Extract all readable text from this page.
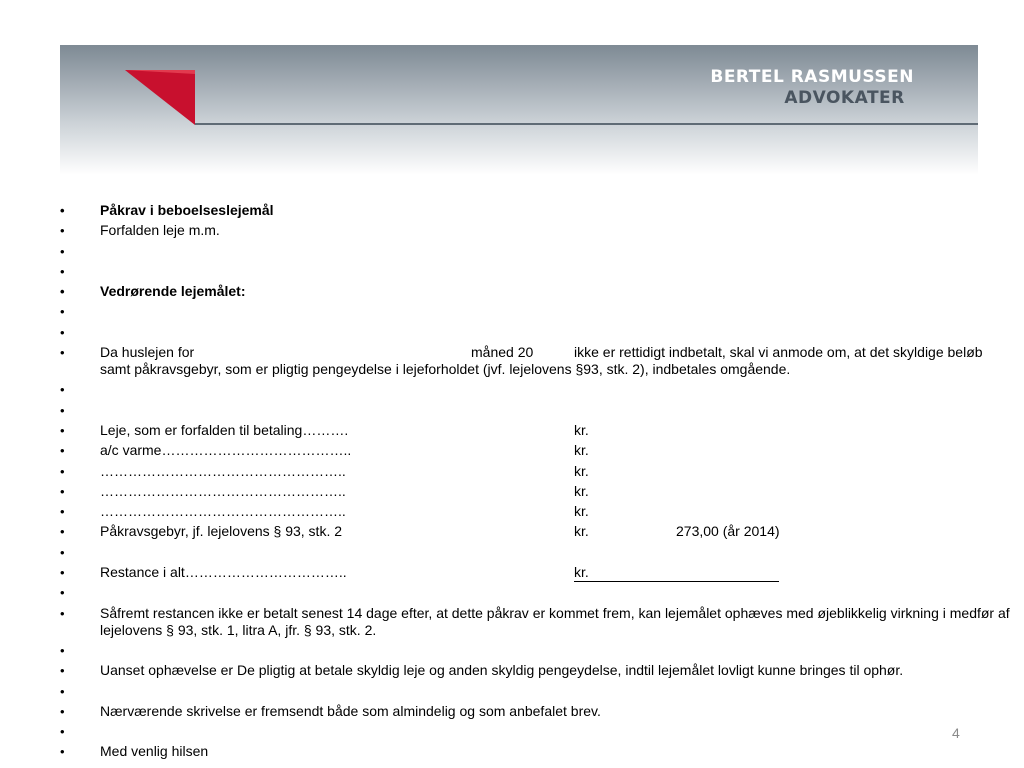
BERTEL RASMUSSEN
ADVOKATER
• Påkrav i beboelseslejemål
• Forfalden leje m.m.
•
•
• Vedrørende lejemålet:
•
•
• Da huslejen for	måned 20	ikke er rettidigt indbetalt, skal vi anmode om, at det skyldige beløb samt påkravsgebyr, som er pligtig pengeydelse i lejeforholdet (jvf. lejelovens §93, stk. 2), indbetales omgående.
•
•
• Leje, som er forfalden til betaling……….	kr.
• a/c varme…………………………………..	kr.
• ……………………………………………..	kr.
• ……………………………………………..	kr.
• ……………………………………………..	kr.
• Påkravsgebyr, jf. lejelovens § 93, stk. 2	kr.	273,00 (år 2014)
•
• Restance i alt……………………………..	kr.
•
• Såfremt restancen ikke er betalt senest 14 dage efter, at dette påkrav er kommet frem, kan lejemålet ophæves med øjeblikkelig virkning i medfør af lejelovens § 93, stk. 1, litra A, jfr. § 93, stk. 2.
•
• Uanset ophævelse er De pligtig at betale skyldig leje og anden skyldig pengeydelse, indtil lejemålet lovligt kunne bringes til ophør.
•
• Nærværende skrivelse er fremsendt både som almindelig og som anbefalet brev.
•
• Med venlig hilsen
4
